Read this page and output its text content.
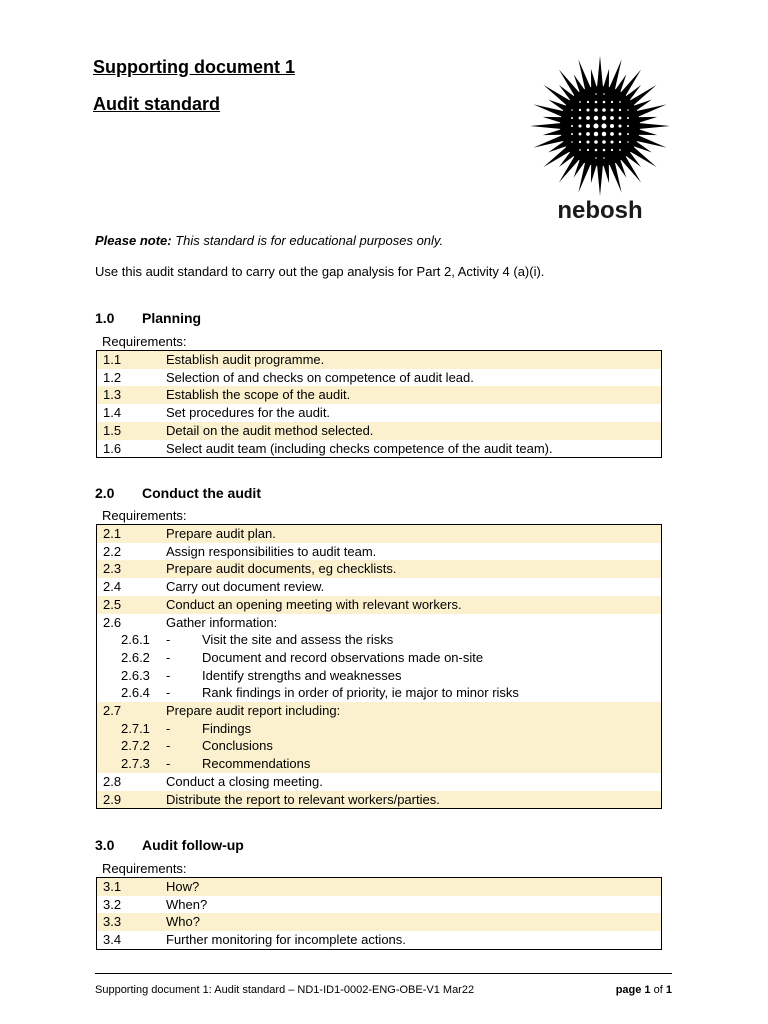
Supporting document 1
Audit standard
nebosh
Please note: This standard is for educational purposes only.
Use this audit standard to carry out the gap analysis for Part 2, Activity 4 (a)(i).
1.0 Planning
Requirements:
1.1	Establish audit programme.
1.2	Selection of and checks on competence of audit lead.
1.3	Establish the scope of the audit.
1.4	Set procedures for the audit.
1.5	Detail on the audit method selected.
1.6	Select audit team (including checks competence of the audit team).
2.0 Conduct the audit
Requirements:
2.1	Prepare audit plan.
2.2	Assign responsibilities to audit team.
2.3	Prepare audit documents, eg checklists.
2.4	Carry out document review.
2.5	Conduct an opening meeting with relevant workers.
2.6	Gather information:
2.6.1	- Visit the site and assess the risks
2.6.2	- Document and record observations made on-site
2.6.3	- Identify strengths and weaknesses
2.6.4	- Rank findings in order of priority, ie major to minor risks
2.7	Prepare audit report including:
2.7.1	- Findings
2.7.2	- Conclusions
2.7.3	- Recommendations
2.8	Conduct a closing meeting.
2.9	Distribute the report to relevant workers/parties.
3.0 Audit follow-up
Requirements:
3.1	How?
3.2	When?
3.3	Who?
3.4	Further monitoring for incomplete actions.
Supporting document 1: Audit standard – ND1-ID1-0002-ENG-OBE-V1 Mar22	page 1 of 1
